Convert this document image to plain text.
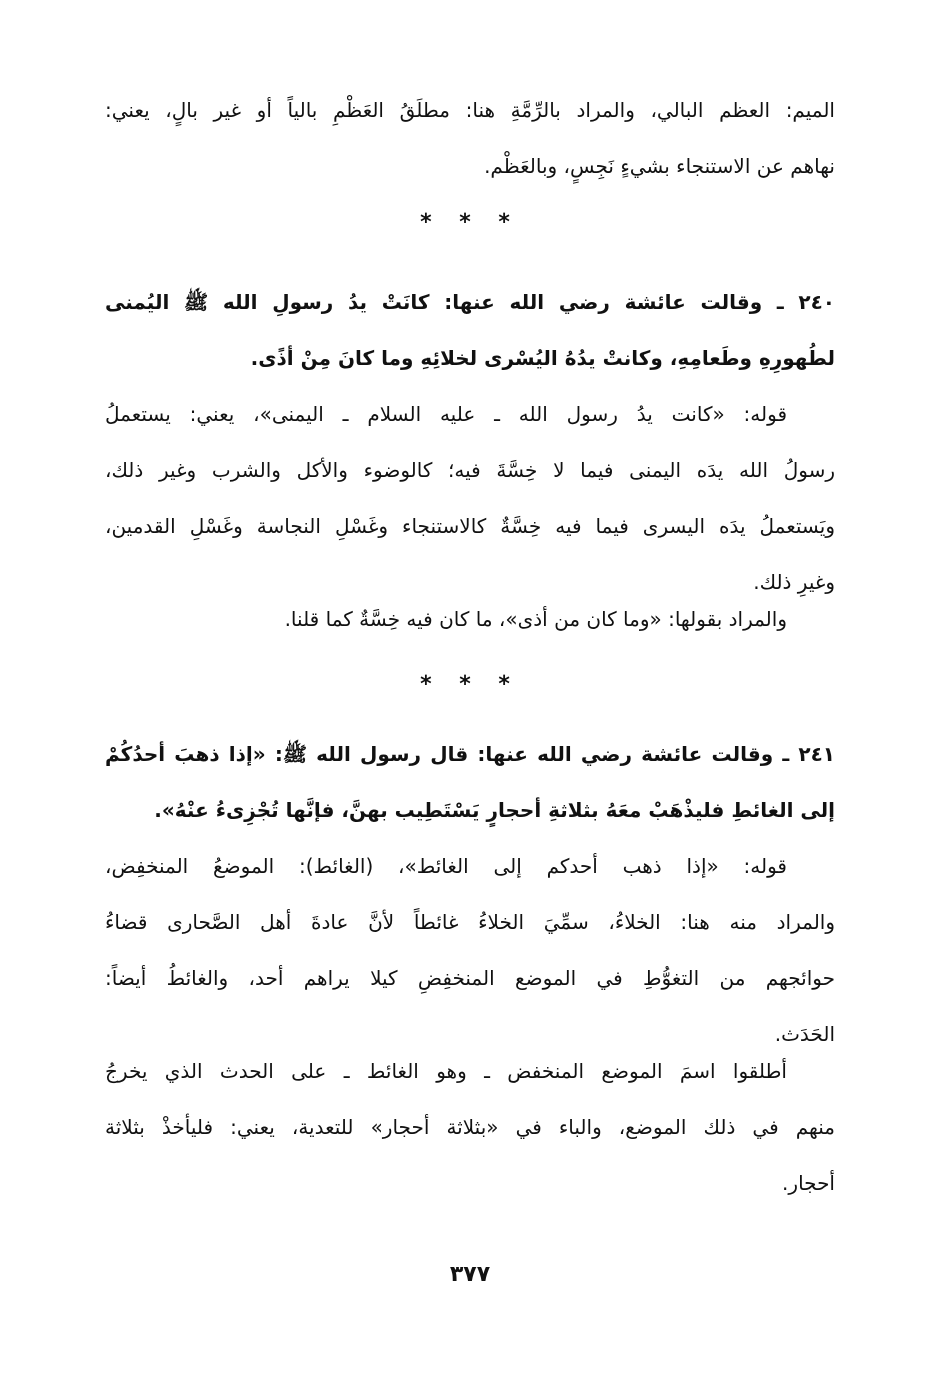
الميم: العظم البالي، والمراد بالرِّمَّةِ هنا: مطلَقُ العَظْمِ بالياً أو غير بالٍ، يعني:
نهاهم عن الاستنجاء بشيءٍ نَجِسٍ، وبالعَظْم.
* * *
٢٤٠ ـ وقالت عائشة رضي الله عنها: كانَتْ يدُ رسولِ الله ﷺ اليُمنى
لطُهورِهِ وطَعامِهِ، وكانتْ يدُهُ اليُسْرى لخلائِهِ وما كانَ مِنْ أذًى.
قوله: «كانت يدُ رسول الله ـ عليه السلام ـ اليمنى»، يعني: يستعملُ
رسولُ الله يدَه اليمنى فيما لا خِسَّةَ فيه؛ كالوضوء والأكل والشرب وغير ذلك،
ويَستعملُ يدَه اليسرى فيما فيه خِسَّةٌ كالاستنجاء وغَسْلِ النجاسة وغَسْلِ القدمين،
وغيرِ ذلك.
والمراد بقولها: «وما كان من أذى»، ما كان فيه خِسَّةٌ كما قلنا.
* * *
٢٤١ ـ وقالت عائشة رضي الله عنها: قال رسول الله ﷺ: «إذا ذهبَ أحدُكُمْ
إلى الغائطِ فليذْهَبْ معَهُ بثلاثةِ أحجارٍ يَسْتَطِيب بهنَّ، فإنَّها تُجْزِىءُ عنْهُ».
قوله: «إذا ذهب أحدكم إلى الغائط»، (الغائط): الموضعُ المنخفِض،
والمراد منه هنا: الخلاءُ، سمِّيَ الخلاءُ غائطاً لأنَّ عادةَ أهل الصَّحارى قضاءُ
حوائجهم من التغوُّطِ في الموضع المنخفِضِ كيلا يراهم أحد، والغائطُ أيضاً:
الحَدَث.
أطلقوا اسمَ الموضع المنخفض ـ وهو الغائط ـ على الحدث الذي يخرجُ
منهم في ذلك الموضع، والباء في «بثلاثة أحجار» للتعدية، يعني: فليأخذْ بثلاثة
أحجار.
٣٧٧
